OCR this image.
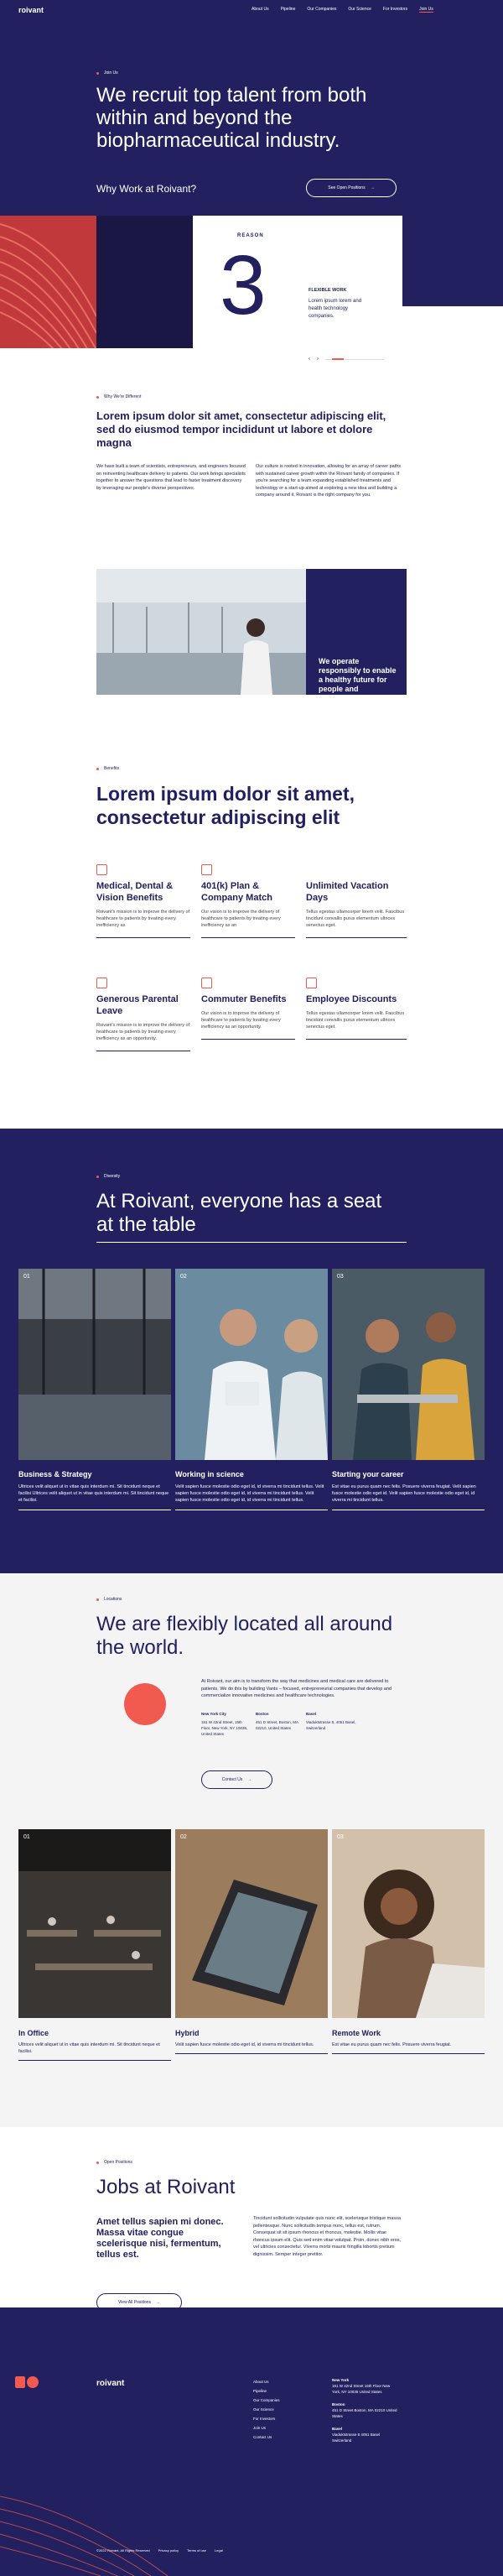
roivant	About Us	Pipeline	Our Companies	Our Science	For Investors	Join Us
Join Us
We recruit top talent from both within and beyond the biopharmaceutical industry.
Why Work at Roivant?	See Open Positions →
REASON
3	FLEXIBLE WORK
Lorem ipsum lorem and health technology companies.
‹ ›
Why We're Different
Lorem ipsum dolor sit amet, consectetur adipiscing elit, sed do eiusmod tempor incididunt ut labore et dolore magna
We have built a team of scientists, entrepreneurs, and engineers focused on reinventing healthcare delivery to patients. Our work brings specialists together to answer the questions that lead to faster treatment discovery by leveraging our people's diverse perspectives.
Our culture is rooted in innovation, allowing for an array of career paths with sustained career growth within the Roivant family of companies. If you're searching for a team expanding established treatments and technology or a start-up aimed at exploring a new idea and building a company around it, Roivant is the right company for you.
We operate responsibly to enable a healthy future for people and communities everywhere.
Benefits
Lorem ipsum dolor sit amet, consectetur adipiscing elit
Medical, Dental & Vision Benefits
Roivant's mission is to improve the delivery of healthcare to patients by treating every inefficiency as
401(k) Plan & Company Match
Our vision is to improve the delivery of healthcare to patients by treating every inefficiency as an
Unlimited Vacation Days
Tellus egestas ullamcorper lorem velit. Faucibus tincidunt convallis purus elementum ultrices senectus eget.
Generous Parental Leave
Roivant's mission is to improve the delivery of healthcare to patients by treating every inefficiency as an opportunity.
Commuter Benefits
Our vision is to improve the delivery of healthcare to patients by treating every inefficiency as an opportunity.
Employee Discounts
Tellus egestas ullamcorper lorem velit. Faucibus tincidunt convallis purus elementum ultrices senectus eget.
Diversity
At Roivant, everyone has a seat at the table
01	02	03
Business & Strategy
Ultrices velit aliquet ut in vitae quis interdum mi. Sit tincidunt neque et facilisi Ultrices velit aliquet ut in vitae quis interdum mi. Sit tincidunt neque et facilisi.
Working in science
Velit sapien fusce molestie odio eget id, id viverra mi tincidunt tellus. Velit sapien fusce molestie odio eget id, id viverra mi tincidunt tellus. Velit sapien fusce molestie odio eget id, id viverra mi tincidunt tellus.
Starting your career
Est vitae eu purus quam nec felis. Posuere viverra feugiat. Velit sapien fusce molestie odio eget id. Velit sapien fusce molestie odio eget id, id viverra mi tincidunt tellus.
Locations
We are flexibly located all around the world.
At Roivant, our aim is to transform the way that medicines and medical care are delivered to patients. We do this by building Vants – focused, entrepreneurial companies that develop and commercialize innovative medicines and healthcare technologies.
New York City
151 W 42nd Street, 15th Floor, New York, NY 10036, United States
Boston
451 D Street, Boston, MA 02210, United States
Basel
Viaduktstrasse 8, 4051 Basel, Switzerland
Contact Us →
01	02	03
In Office
Ultrices velit aliquet ut in vitae quis interdum mi. Sit tincidunt neque et facilisi.
Hybrid
Velit sapien fusce molestie odio eget id, id viverra mi tincidunt tellus.
Remote Work
Est vitae eu purus quam nec felis. Posuere viverra feugiat.
Open Positions
Jobs at Roivant
Amet tellus sapien mi donec. Massa vitae congue scelerisque nisi, fermentum, tellus est.
Tincidunt sollicitudin vulputate quis nunc elit, scelerisque tristique massa pellentesque. Nunc sollicitudin tempus nunc, tellus est, rutrum. Consequat sit sit ipsum rhoncus et rhoncus, molestie. Mollis vitae rhoncus ipsum elit. Quis sed enim vitae volutpat. Proin, donec nibh eros, vel ultricies consectetur. Viverra morbi mauris fringilla lobortis pretium dignissim. Semper integer pretitor.
View All Positions →
roivant	About Us
Pipeline
Our Companies
Our Science
For Investors
Join Us
Contact Us
New York
151 W 42nd Street 15th Floor New York, NY 10036 United States
Boston
451 D Street Boston, MA 02210 United States
Basel
Viaduktstrasse 8 4051 Basel Switzerland
©2022 Roivant, All Rights Reserved	Privacy policy	Terms of use	Legal
